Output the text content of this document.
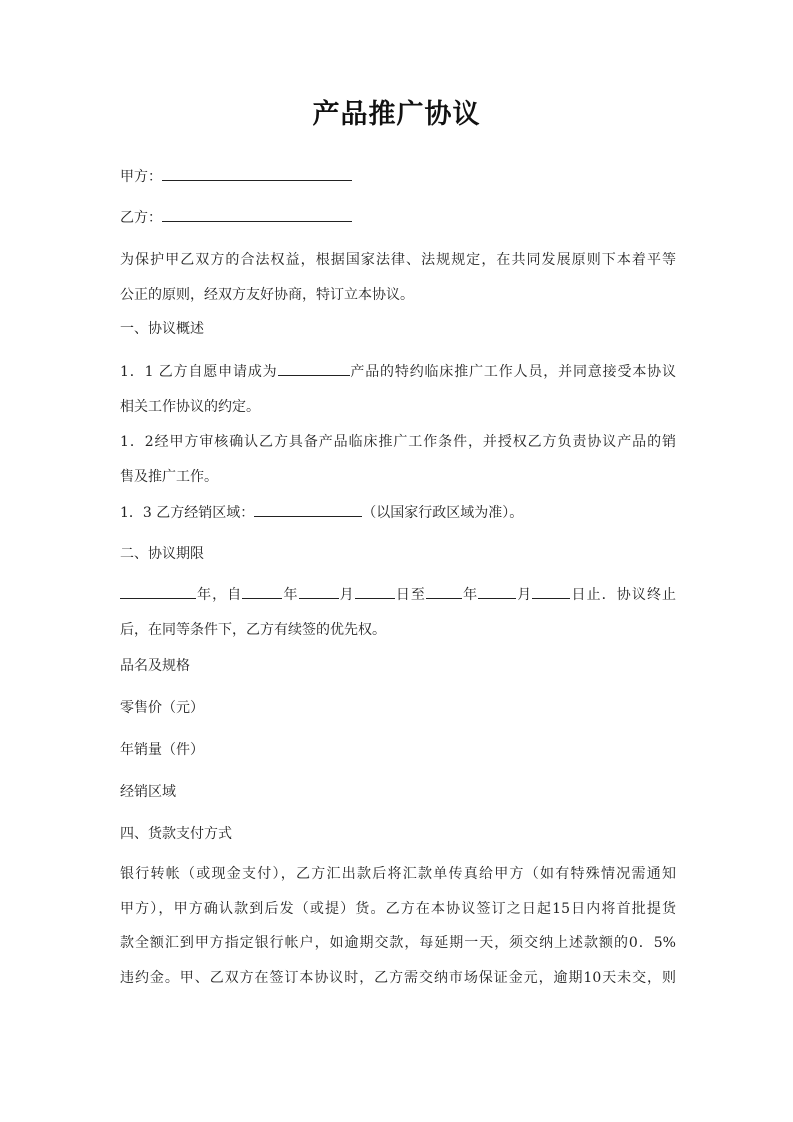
产品推广协议
甲方：
乙方：
为保护甲乙双方的合法权益，根据国家法律、法规规定，在共同发展原则下本着平等
公正的原则，经双方友好协商，特订立本协议。
一、协议概述
1．1 乙方自愿申请成为	产品的特约临床推广工作人员，并同意接受本协议
相关工作协议的约定。
1．2经甲方审核确认乙方具备产品临床推广工作条件，并授权乙方负责协议产品的销
售及推广工作。
1．3 乙方经销区域：	（以国家行政区域为准）。
二、协议期限
年，自	年	月	日至	年	月	日止．协议终止
后，在同等条件下，乙方有续签的优先权。
品名及规格
零售价（元）
年销量（件）
经销区域
四、货款支付方式
银行转帐（或现金支付），乙方汇出款后将汇款单传真给甲方（如有特殊情况需通知
甲方），甲方确认款到后发（或提）货。乙方在本协议签订之日起15日内将首批提货
款全额汇到甲方指定银行帐户，如逾期交款，每延期一天，须交纳上述款额的0．5%
违约金。甲、乙双方在签订本协议时，乙方需交纳市场保证金元，逾期10天未交，则
